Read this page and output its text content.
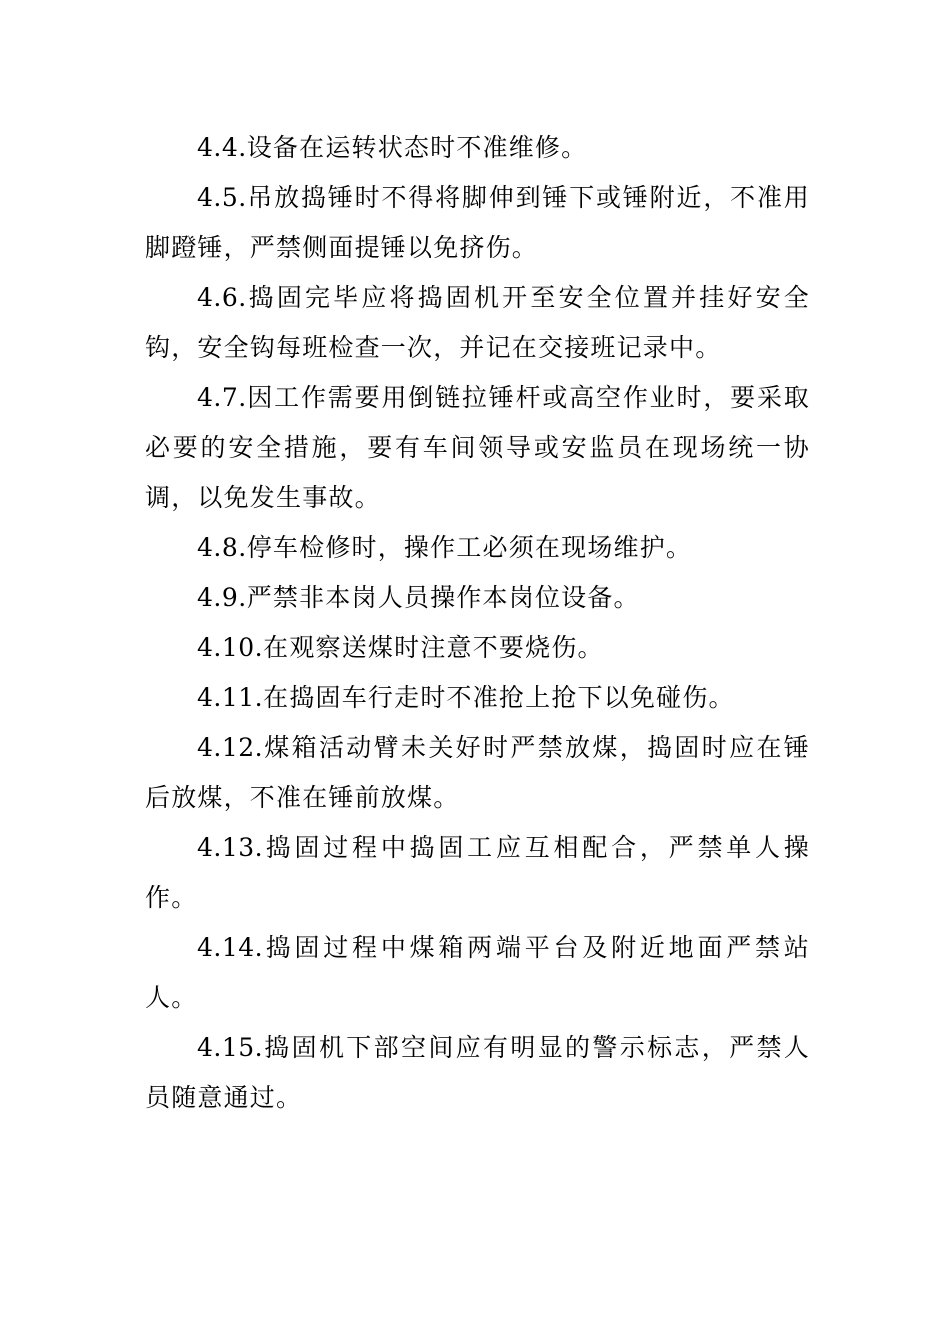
4.4.设备在运转状态时不准维修。

4.5.吊放捣锤时不得将脚伸到锤下或锤附近，不准用脚蹬锤，严禁侧面提锤以免挤伤。

4.6.捣固完毕应将捣固机开至安全位置并挂好安全钩，安全钩每班检查一次，并记在交接班记录中。

4.7.因工作需要用倒链拉锤杆或高空作业时，要采取必要的安全措施，要有车间领导或安监员在现场统一协调，以免发生事故。

4.8.停车检修时，操作工必须在现场维护。

4.9.严禁非本岗人员操作本岗位设备。

4.10.在观察送煤时注意不要烧伤。

4.11.在捣固车行走时不准抢上抢下以免碰伤。

4.12.煤箱活动臂未关好时严禁放煤，捣固时应在锤后放煤，不准在锤前放煤。

4.13.捣固过程中捣固工应互相配合，严禁单人操作。

4.14.捣固过程中煤箱两端平台及附近地面严禁站人。

4.15.捣固机下部空间应有明显的警示标志，严禁人员随意通过。
